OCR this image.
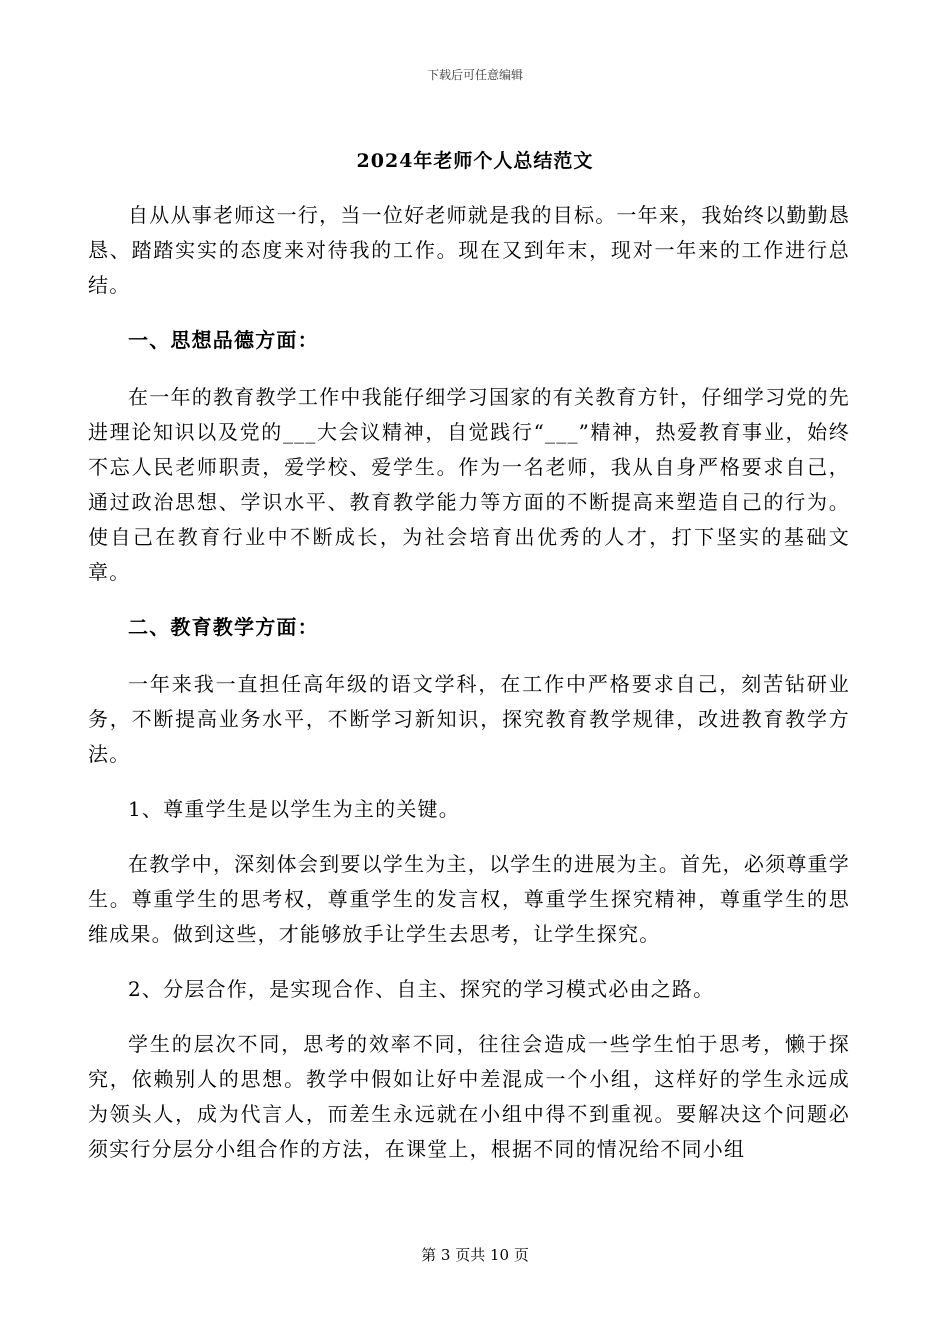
下载后可任意编辑
2024年老师个人总结范文

自从从事老师这一行，当一位好老师就是我的目标。一年来，我始终以勤勤恳恳、踏踏实实的态度来对待我的工作。现在又到年末，现对一年来的工作进行总结。

一、思想品德方面：

在一年的教育教学工作中我能仔细学习国家的有关教育方针，仔细学习党的先进理论知识以及党的___大会议精神，自觉践行“___”精神，热爱教育事业，始终不忘人民老师职责，爱学校、爱学生。作为一名老师，我从自身严格要求自己，通过政治思想、学识水平、教育教学能力等方面的不断提高来塑造自己的行为。使自己在教育行业中不断成长，为社会培育出优秀的人才，打下坚实的基础文章。

二、教育教学方面：

一年来我一直担任高年级的语文学科，在工作中严格要求自己，刻苦钻研业务，不断提高业务水平，不断学习新知识，探究教育教学规律，改进教育教学方法。

1、尊重学生是以学生为主的关键。

在教学中，深刻体会到要以学生为主，以学生的进展为主。首先，必须尊重学生。尊重学生的思考权，尊重学生的发言权，尊重学生探究精神，尊重学生的思维成果。做到这些，才能够放手让学生去思考，让学生探究。

2、分层合作，是实现合作、自主、探究的学习模式必由之路。

学生的层次不同，思考的效率不同，往往会造成一些学生怕于思考，懒于探究，依赖别人的思想。教学中假如让好中差混成一个小组，这样好的学生永远成为领头人，成为代言人，而差生永远就在小组中得不到重视。要解决这个问题必须实行分层分小组合作的方法，在课堂上，根据不同的情况给不同小组

第 3 页共 10 页
